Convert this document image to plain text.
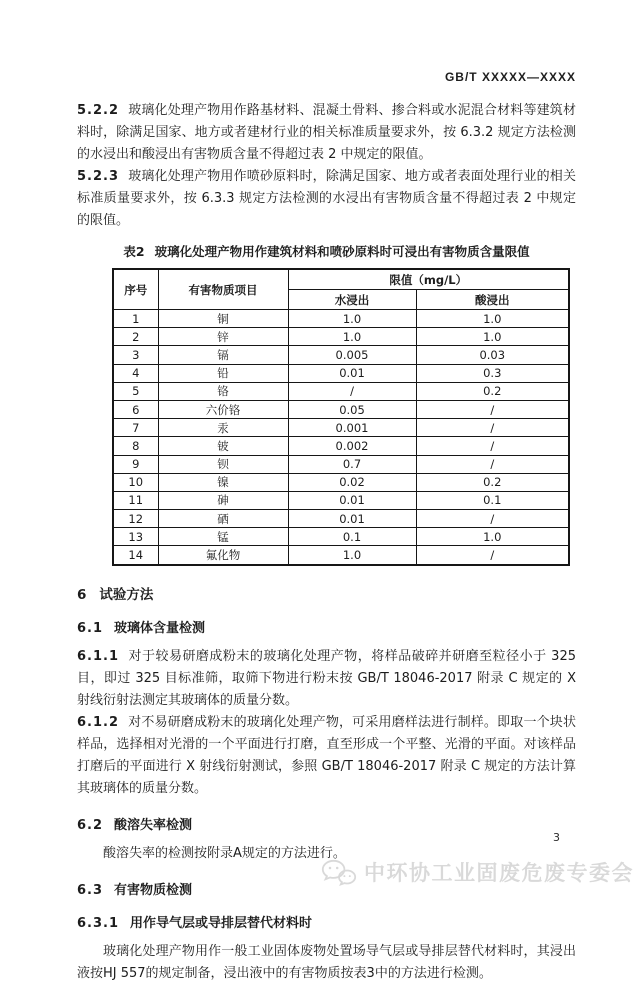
GB/T XXXXX—XXXX

5.2.2 玻璃化处理产物用作路基材料、混凝土骨料、掺合料或水泥混合材料等建筑材料时，除满足国家、地方或者建材行业的相关标准质量要求外，按 6.3.2 规定方法检测的水浸出和酸浸出有害物质含量不得超过表 2 中规定的限值。

5.2.3 玻璃化处理产物用作喷砂原料时，除满足国家、地方或者表面处理行业的相关标准质量要求外，按 6.3.3 规定方法检测的水浸出有害物质含量不得超过表 2 中规定的限值。

表2 玻璃化处理产物用作建筑材料和喷砂原料时可浸出有害物质含量限值
序号	有害物质项目	限值（mg/L）	
		水浸出	酸浸出
1	铜	1.0	1.0
2	锌	1.0	1.0
3	镉	0.005	0.03
4	铅	0.01	0.3
5	铬	/	0.2
6	六价铬	0.05	/
7	汞	0.001	/
8	铍	0.002	/
9	钡	0.7	/
10	镍	0.02	0.2
11	砷	0.01	0.1
12	硒	0.01	/
13	锰	0.1	1.0
14	氟化物	1.0	/

6 试验方法

6.1 玻璃体含量检测

6.1.1 对于较易研磨成粉末的玻璃化处理产物，将样品破碎并研磨至粒径小于 325 目，即过 325 目标准筛，取筛下物进行粉末按 GB/T 18046-2017 附录 C 规定的 X 射线衍射法测定其玻璃体的质量分数。

6.1.2 对不易研磨成粉末的玻璃化处理产物，可采用磨样法进行制样。即取一个块状样品，选择相对光滑的一个平面进行打磨，直至形成一个平整、光滑的平面。对该样品打磨后的平面进行 X 射线衍射测试，参照 GB/T 18046-2017 附录 C 规定的方法计算其玻璃体的质量分数。

6.2 酸溶失率检测

酸溶失率的检测按附录A规定的方法进行。

6.3 有害物质检测

6.3.1 用作导气层或导排层替代材料时

玻璃化处理产物用作一般工业固体废物处置场导气层或导排层替代材料时，其浸出液按HJ 557的规定制备，浸出液中的有害物质按表3中的方法进行检测。

3
中环协工业固废危废专委会
